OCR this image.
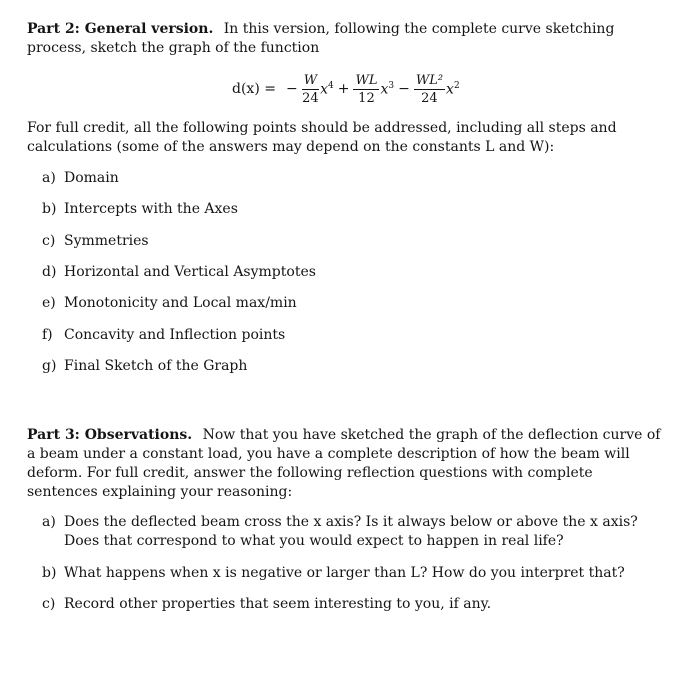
Part 2: General version. In this version, following the complete curve sketching process, sketch the graph of the function
d(x) = − $\frac{W}{24} x^4 + \frac{WL}{12} x^3 - \frac{\text{WL²}}{24} x^2$
For full credit, all the following points should be addressed, including all steps and calculations (some of the answers may depend on the constants L and W):
a) Domain
b) Intercepts with the Axes
c) Symmetries
d) Horizontal and Vertical Asymptotes
e) Monotonicity and Local max/min
f) Concavity and Inflection points
g) Final Sketch of the Graph
Part 3: Observations. Now that you have sketched the graph of the deflection curve of a beam under a constant load, you have a complete description of how the beam will deform. For full credit, answer the following reflection questions with complete sentences explaining your reasoning:
a) Does the deflected beam cross the x axis? Is it always below or above the x axis? Does that correspond to what you would expect to happen in real life?
b) What happens when x is negative or larger than L? How do you interpret that?
c) Record other properties that seem interesting to you, if any.
